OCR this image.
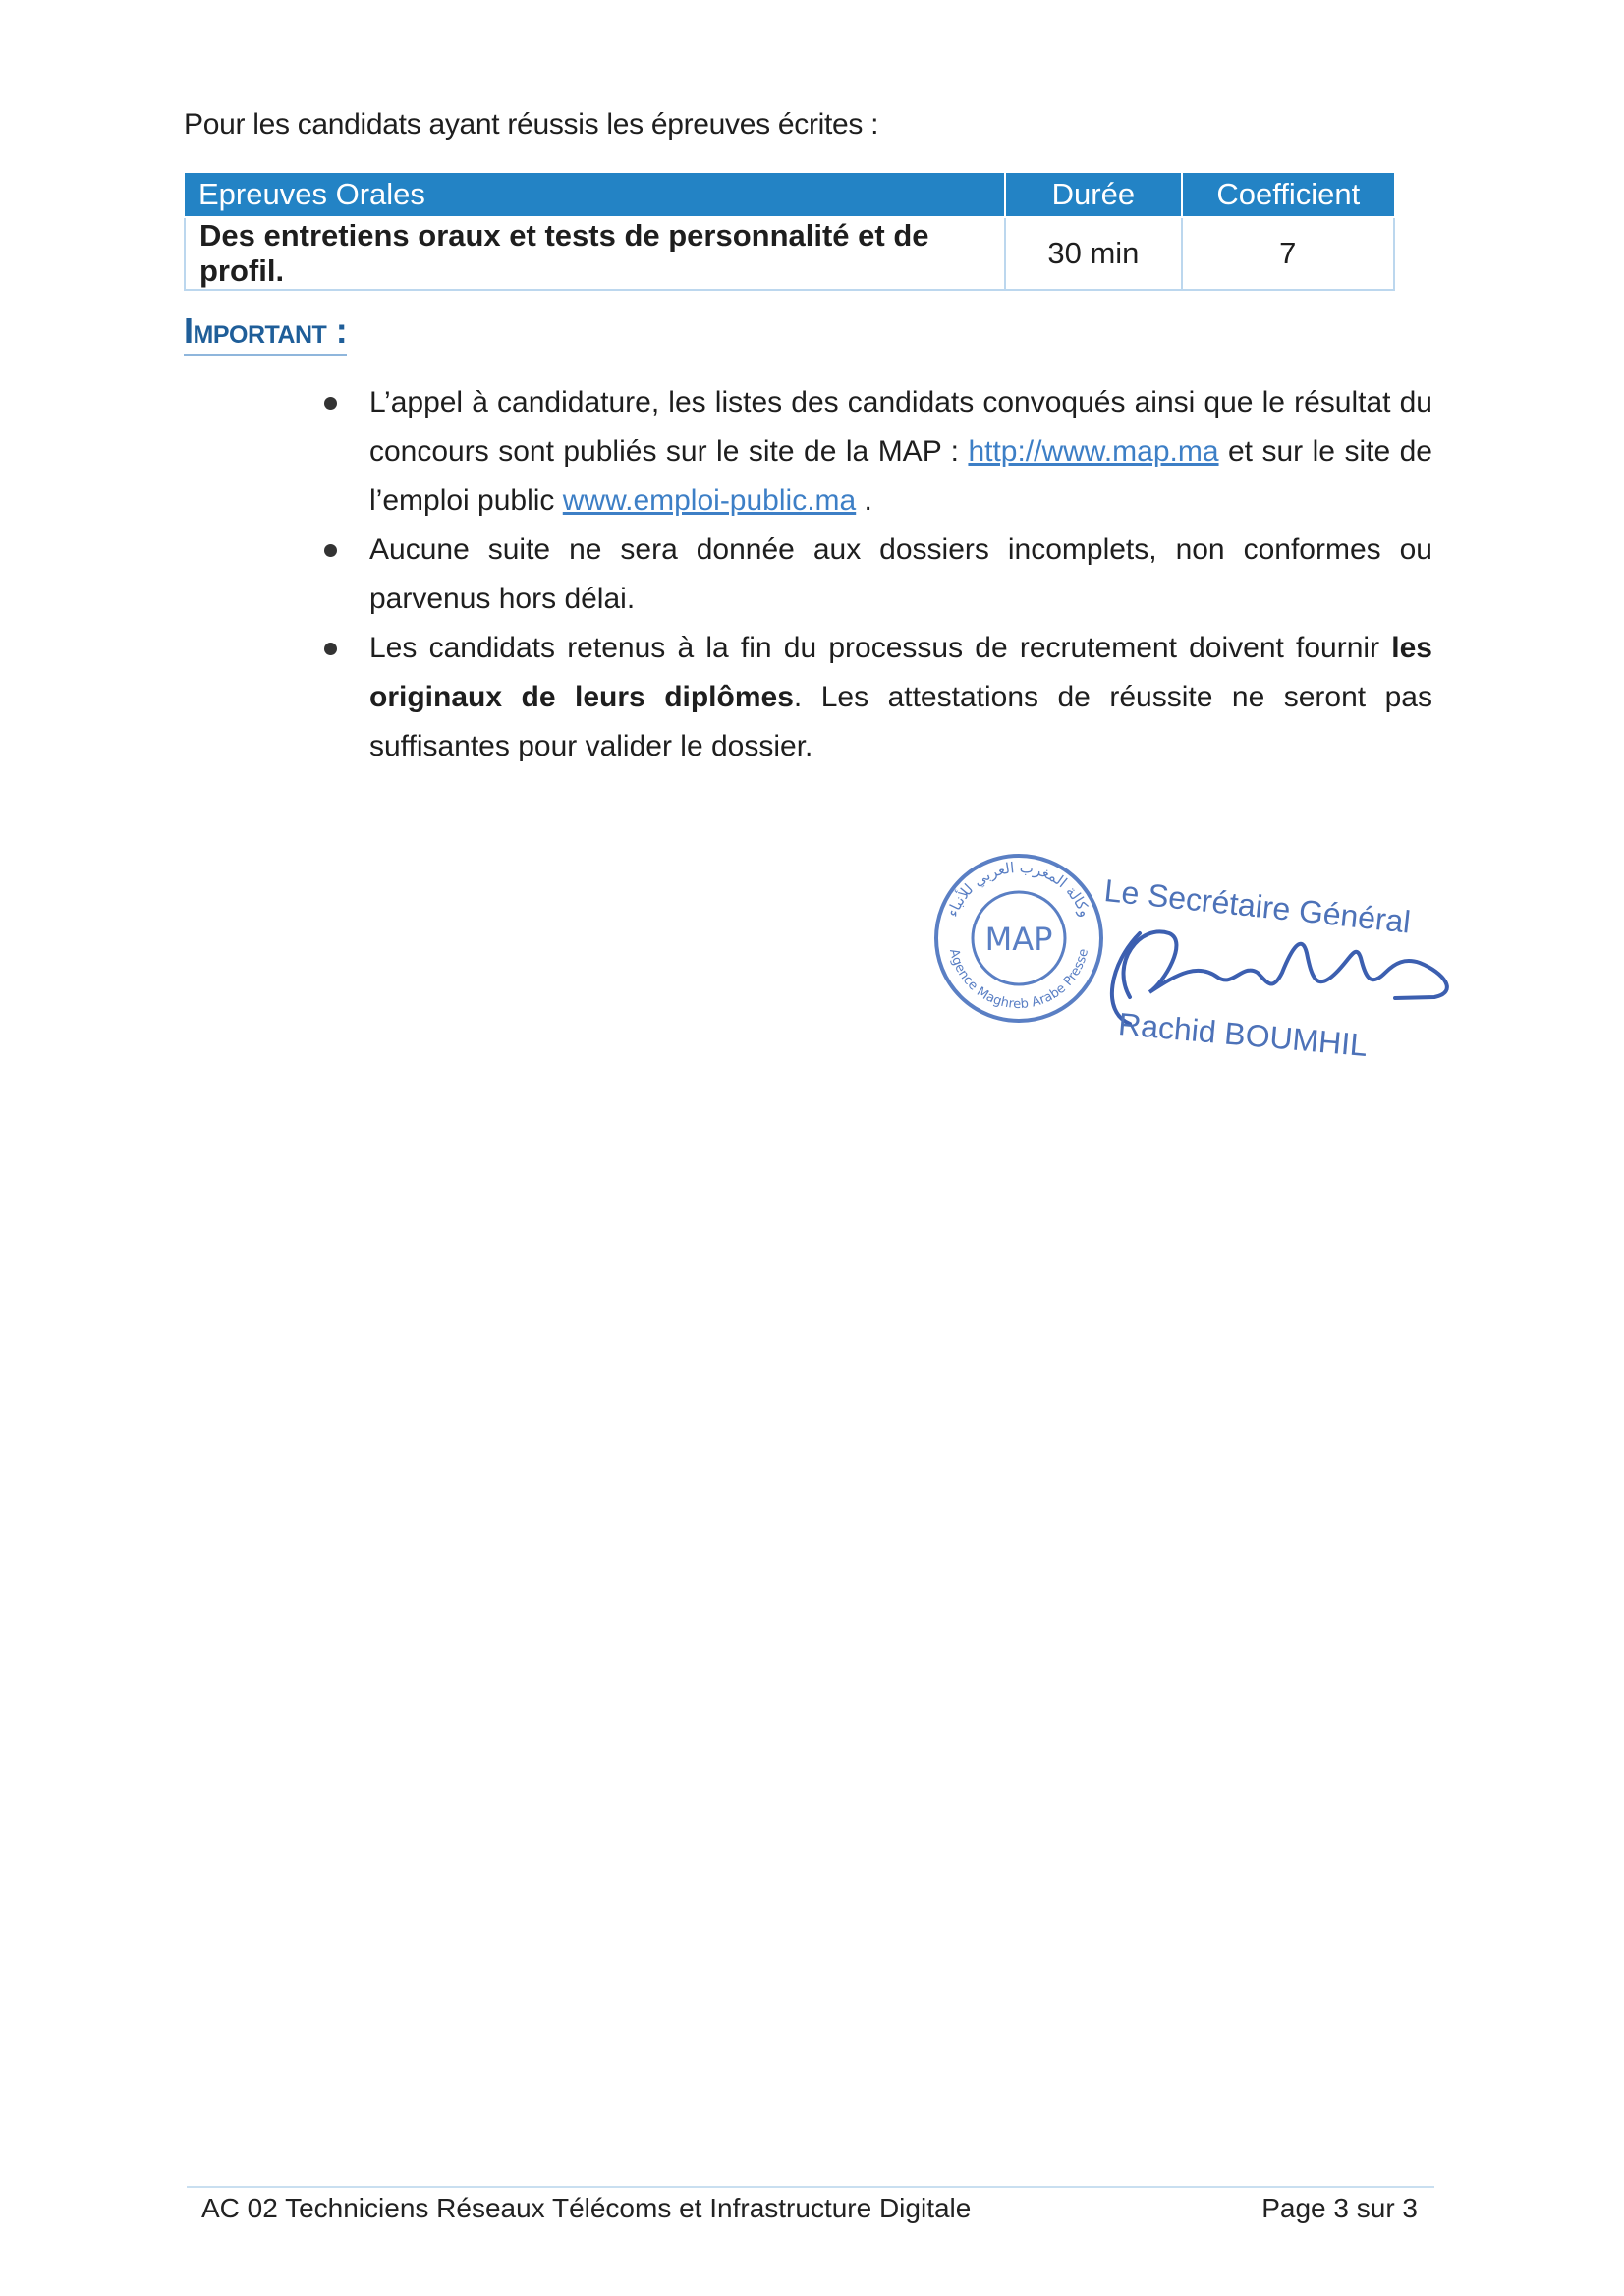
Pour les candidats ayant réussis les épreuves écrites :
Epreuves Orales	Durée	Coefficient
Des entretiens oraux et tests de personnalité et de profil.	30 min	7
Important :
L’appel à candidature, les listes des candidats convoqués ainsi que le résultat du concours sont publiés sur le site de la MAP : http://www.map.ma et sur le site de l’emploi public www.emploi-public.ma .
Aucune suite ne sera donnée aux dossiers incomplets, non conformes ou parvenus hors délai.
Les candidats retenus à la fin du processus de recrutement doivent fournir les originaux de leurs diplômes. Les attestations de réussite ne seront pas suffisantes pour valider le dossier.
MAP
وكالة المغرب العربي للأنباء
Agence Maghreb Arabe Presse
Le Secrétaire Général
Rachid BOUMHIL
AC 02 Techniciens Réseaux Télécoms et Infrastructure Digitale	Page 3 sur 3
